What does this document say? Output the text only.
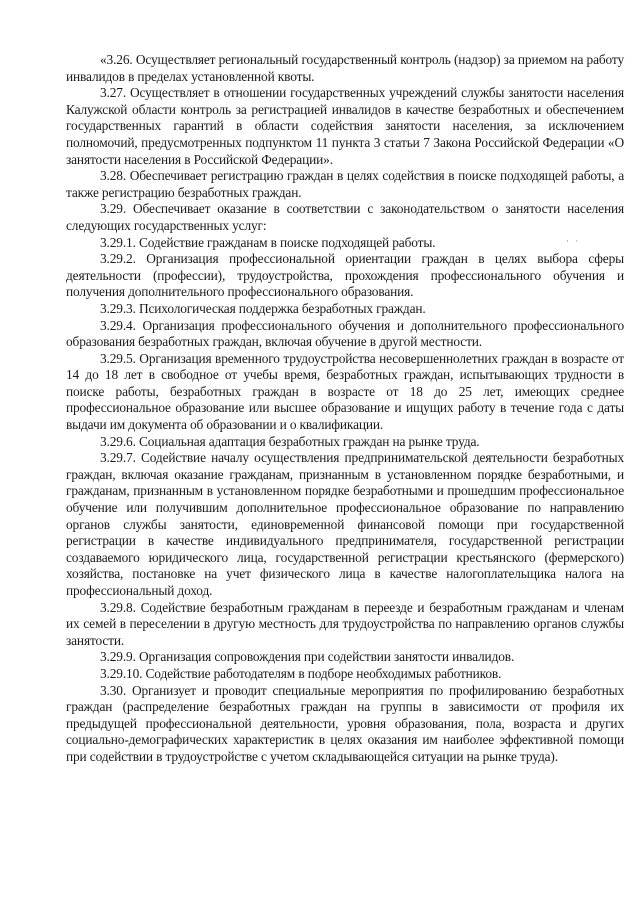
«3.26. Осуществляет региональный государственный контроль (надзор) за приемом на работу инвалидов в пределах установленной квоты.

3.27. Осуществляет в отношении государственных учреждений службы занятости населения Калужской области контроль за регистрацией инвалидов в качестве безработных и обеспечением государственных гарантий в области содействия занятости населения, за исключением полномочий, предусмотренных подпунктом 11 пункта 3 статьи 7 Закона Российской Федерации «О занятости населения в Российской Федерации».

3.28. Обеспечивает регистрацию граждан в целях содействия в поиске подходящей работы, а также регистрацию безработных граждан.

3.29. Обеспечивает оказание в соответствии с законодательством о занятости населения следующих государственных услуг:

3.29.1. Содействие гражданам в поиске подходящей работы.

3.29.2. Организация профессиональной ориентации граждан в целях выбора сферы деятельности (профессии), трудоустройства, прохождения профессионального обучения и получения дополнительного профессионального образования.

3.29.3. Психологическая поддержка безработных граждан.

3.29.4. Организация профессионального обучения и дополнительного профессионального образования безработных граждан, включая обучение в другой местности.

3.29.5. Организация временного трудоустройства несовершеннолетних граждан в возрасте от 14 до 18 лет в свободное от учебы время, безработных граждан, испытывающих трудности в поиске работы, безработных граждан в возрасте от 18 до 25 лет, имеющих среднее профессиональное образование или высшее образование и ищущих работу в течение года с даты выдачи им документа об образовании и о квалификации.

3.29.6. Социальная адаптация безработных граждан на рынке труда.

3.29.7. Содействие началу осуществления предпринимательской деятельности безработных граждан, включая оказание гражданам, признанным в установленном порядке безработными, и гражданам, признанным в установленном порядке безработными и прошедшим профессиональное обучение или получившим дополнительное профессиональное образование по направлению органов службы занятости, единовременной финансовой помощи при государственной регистрации в качестве индивидуального предпринимателя, государственной регистрации создаваемого юридического лица, государственной регистрации крестьянского (фермерского) хозяйства, постановке на учет физического лица в качестве налогоплательщика налога на профессиональный доход.

3.29.8. Содействие безработным гражданам в переезде и безработным гражданам и членам их семей в переселении в другую местность для трудоустройства по направлению органов службы занятости.

3.29.9. Организация сопровождения при содействии занятости инвалидов.

3.29.10. Содействие работодателям в подборе необходимых работников.

3.30. Организует и проводит специальные мероприятия по профилированию безработных граждан (распределение безработных граждан на группы в зависимости от профиля их предыдущей профессиональной деятельности, уровня образования, пола, возраста и других социально-демографических характеристик в целях оказания им наиболее эффективной помощи при содействии в трудоустройстве с учетом складывающейся ситуации на рынке труда).

· ·
